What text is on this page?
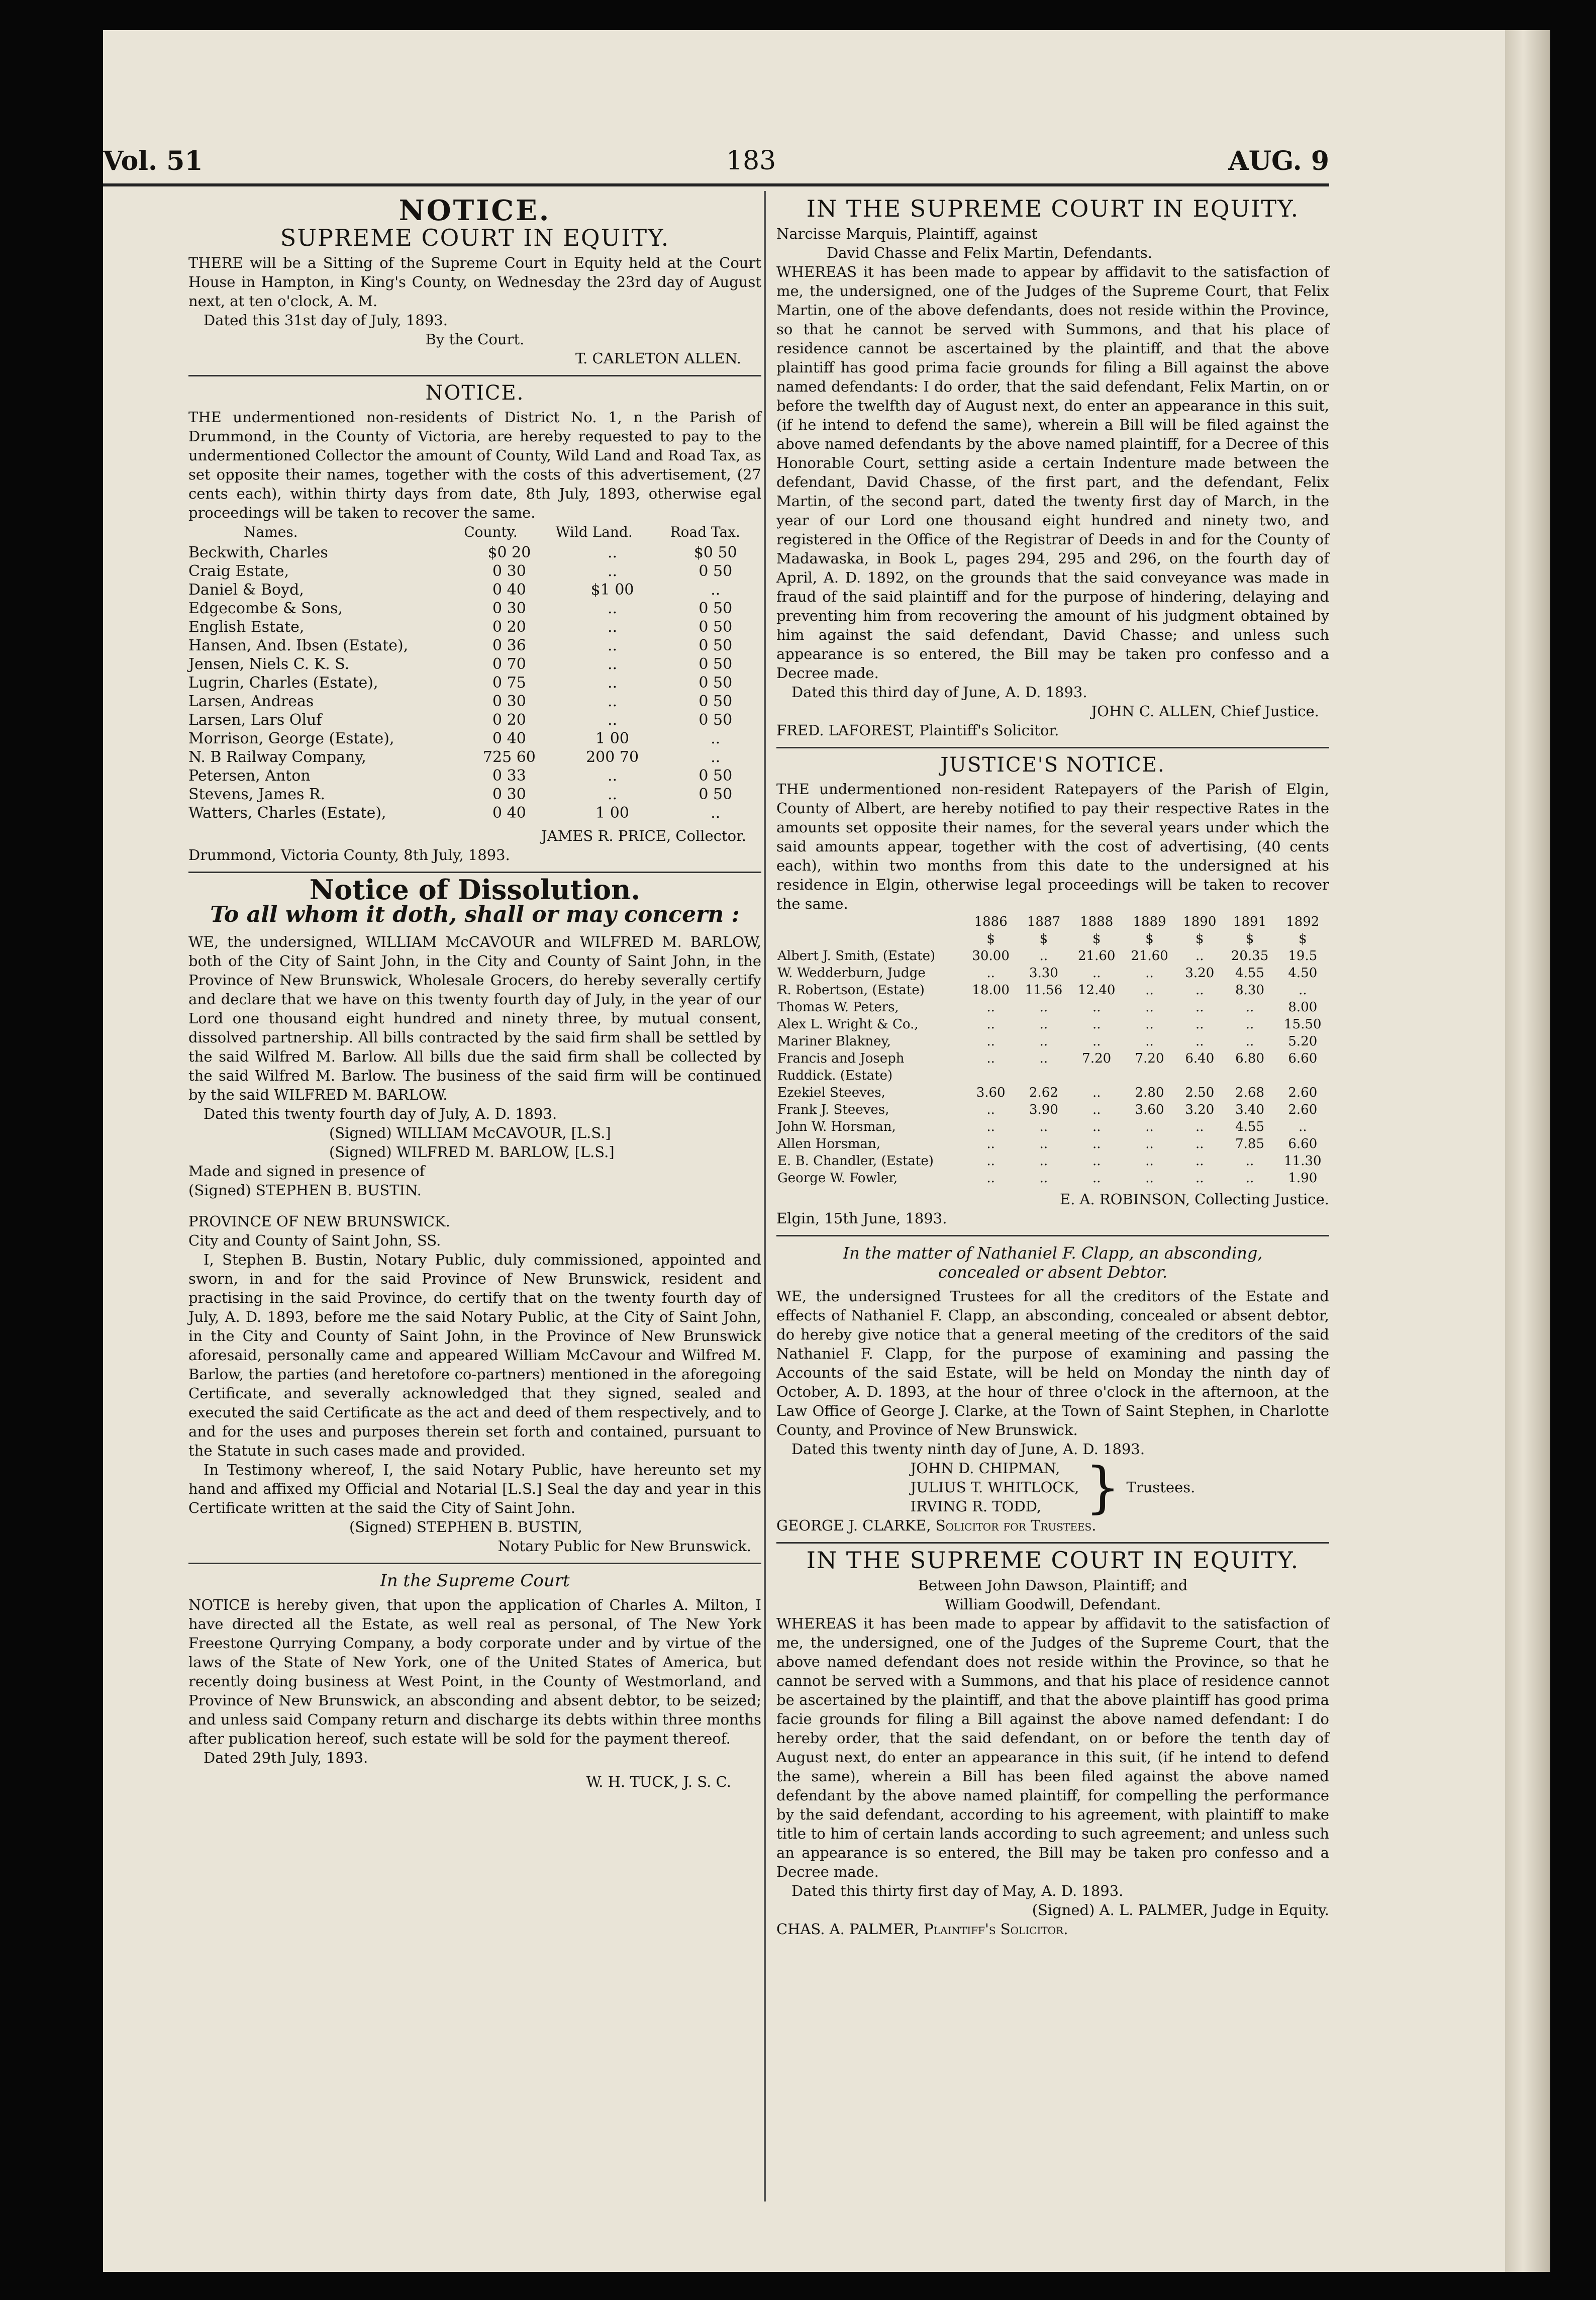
Vol. 51	183	AUG. 9
NOTICE.
SUPREME COURT IN EQUITY.

THERE will be a Sitting of the Supreme Court in Equity held at the Court House in Hampton, in King's County, on Wednesday the 23rd day of August next, at ten o'clock, A. M.

Dated this 31st day of July, 1893.
By the Court.
T. CARLETON ALLEN.
NOTICE.

THE undermentioned non-residents of District No. 1, n the Parish of Drummond, in the County of Victoria, are hereby requested to pay to the undermentioned Collector the amount of County, Wild Land and Road Tax, as set opposite their names, together with the costs of this advertisement, (27 cents each), within thirty days from date, 8th July, 1893, otherwise egal proceedings will be taken to recover the same.

Names.	County.	Wild Land.	Road Tax.
Beckwith, Charles	$0 20	..	$0 50
Craig Estate,	0 30	..	0 50
Daniel & Boyd,	0 40	$1 00	..
Edgecombe & Sons,	0 30	..	0 50
English Estate,	0 20	..	0 50
Hansen, And. Ibsen (Estate),	0 36	..	0 50
Jensen, Niels C. K. S.	0 70	..	0 50
Lugrin, Charles (Estate),	0 75	..	0 50
Larsen, Andreas	0 30	..	0 50
Larsen, Lars Oluf	0 20	..	0 50
Morrison, George (Estate),	0 40	1 00	..
N. B Railway Company,	725 60	200 70	..
Petersen, Anton	0 33	..	0 50
Stevens, James R.	0 30	..	0 50
Watters, Charles (Estate),	0 40	1 00	..
JAMES R. PRICE, Collector.
Drummond, Victoria County, 8th July, 1893.
Notice of Dissolution.
To all whom it doth, shall or may concern :

WE, the undersigned, WILLIAM McCAVOUR and WILFRED M. BARLOW, both of the City of Saint John, in the City and County of Saint John, in the Province of New Brunswick, Wholesale Grocers, do hereby severally certify and declare that we have on this twenty fourth day of July, in the year of our Lord one thousand eight hundred and ninety three, by mutual consent, dissolved partnership. All bills contracted by the said firm shall be settled by the said Wilfred M. Barlow. All bills due the said firm shall be collected by the said Wilfred M. Barlow. The business of the said firm will be continued by the said WILFRED M. BARLOW.

Dated this twenty fourth day of July, A. D. 1893.
(Signed) WILLIAM McCAVOUR, [L.S.]
(Signed) WILFRED M. BARLOW, [L.S.]
Made and signed in presence of
(Signed) STEPHEN B. BUSTIN.
PROVINCE OF NEW BRUNSWICK.
City and County of Saint John, SS.

I, Stephen B. Bustin, Notary Public, duly commissioned, appointed and sworn, in and for the said Province of New Brunswick, resident and practising in the said Province, do certify that on the twenty fourth day of July, A. D. 1893, before me the said Notary Public, at the City of Saint John, in the City and County of Saint John, in the Province of New Brunswick aforesaid, personally came and appeared William McCavour and Wilfred M. Barlow, the parties (and heretofore co-partners) mentioned in the aforegoing Certificate, and severally acknowledged that they signed, sealed and executed the said Certificate as the act and deed of them respectively, and to and for the uses and purposes therein set forth and contained, pursuant to the Statute in such cases made and provided.

In Testimony whereof, I, the said Notary Public, have hereunto set my hand and affixed my Official and Notarial [L.S.] Seal the day and year in this Certificate written at the said the City of Saint John.

(Signed) STEPHEN B. BUSTIN,
Notary Public for New Brunswick.
In the Supreme Court

NOTICE is hereby given, that upon the application of Charles A. Milton, I have directed all the Estate, as well real as personal, of The New York Freestone Qurrying Company, a body corporate under and by virtue of the laws of the State of New York, one of the United States of America, but recently doing business at West Point, in the County of Westmorland, and Province of New Brunswick, an absconding and absent debtor, to be seized; and unless said Company return and discharge its debts within three months after publication hereof, such estate will be sold for the payment thereof.

Dated 29th July, 1893.
W. H. TUCK, J. S. C.
IN THE SUPREME COURT IN EQUITY.
Narcisse Marquis, Plaintiff, against
David Chasse and Felix Martin, Defendants.

WHEREAS it has been made to appear by affidavit to the satisfaction of me, the undersigned, one of the Judges of the Supreme Court, that Felix Martin, one of the above defendants, does not reside within the Province, so that he cannot be served with Summons, and that his place of residence cannot be ascertained by the plaintiff, and that the above plaintiff has good prima facie grounds for filing a Bill against the above named defendants: I do order, that the said defendant, Felix Martin, on or before the twelfth day of August next, do enter an appearance in this suit, (if he intend to defend the same), wherein a Bill will be filed against the above named defendants by the above named plaintiff, for a Decree of this Honorable Court, setting aside a certain Indenture made between the defendant, David Chasse, of the first part, and the defendant, Felix Martin, of the second part, dated the twenty first day of March, in the year of our Lord one thousand eight hundred and ninety two, and registered in the Office of the Registrar of Deeds in and for the County of Madawaska, in Book L, pages 294, 295 and 296, on the fourth day of April, A. D. 1892, on the grounds that the said conveyance was made in fraud of the said plaintiff and for the purpose of hindering, delaying and preventing him from recovering the amount of his judgment obtained by him against the said defendant, David Chasse; and unless such appearance is so entered, the Bill may be taken pro confesso and a Decree made.

Dated this third day of June, A. D. 1893.
JOHN C. ALLEN, Chief Justice.
FRED. LAFOREST, Plaintiff's Solicitor.
JUSTICE'S NOTICE.

THE undermentioned non-resident Ratepayers of the Parish of Elgin, County of Albert, are hereby notified to pay their respective Rates in the amounts set opposite their names, for the several years under which the said amounts appear, together with the cost of advertising, (40 cents each), within two months from this date to the undersigned at his residence in Elgin, otherwise legal proceedings will be taken to recover the same.

	1886	1887	1888	1889	1890	1891	1892
	$	$	$	$	$	$	$
Albert J. Smith, (Estate)	30.00	..	21.60	21.60	..	20.35	19.5
W. Wedderburn, Judge	..	3.30	..	..	3.20	4.55	4.50
R. Robertson, (Estate)	18.00	11.56	12.40	..	..	8.30	..
Thomas W. Peters,	..	..	..	..	..	..	8.00
Alex L. Wright & Co.,	..	..	..	..	..	..	15.50
Mariner Blakney,	..	..	..	..	..	..	5.20
Francis and Joseph Ruddick. (Estate)	..	..	7.20	7.20	6.40	6.80	6.60
Ezekiel Steeves,	3.60	2.62	..	2.80	2.50	2.68	2.60
Frank J. Steeves,	..	3.90	..	3.60	3.20	3.40	2.60
John W. Horsman,	..	..	..	..	..	4.55	..
Allen Horsman,	..	..	..	..	..	7.85	6.60
E. B. Chandler, (Estate)	..	..	..	..	..	..	11.30
George W. Fowler,	..	..	..	..	..	..	1.90
E. A. ROBINSON, Collecting Justice.
Elgin, 15th June, 1893.
In the matter of Nathaniel F. Clapp, an absconding,
concealed or absent Debtor.

WE, the undersigned Trustees for all the creditors of the Estate and effects of Nathaniel F. Clapp, an absconding, concealed or absent debtor, do hereby give notice that a general meeting of the creditors of the said Nathaniel F. Clapp, for the purpose of examining and passing the Accounts of the said Estate, will be held on Monday the ninth day of October, A. D. 1893, at the hour of three o'clock in the afternoon, at the Law Office of George J. Clarke, at the Town of Saint Stephen, in Charlotte County, and Province of New Brunswick.

Dated this twenty ninth day of June, A. D. 1893.
JOHN D. CHIPMAN,
JULIUS T. WHITLOCK,
IRVING R. TODD, } Trustees.
GEORGE J. CLARKE, Solicitor for Trustees.
IN THE SUPREME COURT IN EQUITY.
Between John Dawson, Plaintiff; and
William Goodwill, Defendant.

WHEREAS it has been made to appear by affidavit to the satisfaction of me, the undersigned, one of the Judges of the Supreme Court, that the above named defendant does not reside within the Province, so that he cannot be served with a Summons, and that his place of residence cannot be ascertained by the plaintiff, and that the above plaintiff has good prima facie grounds for filing a Bill against the above named defendant: I do hereby order, that the said defendant, on or before the tenth day of August next, do enter an appearance in this suit, (if he intend to defend the same), wherein a Bill has been filed against the above named defendant by the above named plaintiff, for compelling the performance by the said defendant, according to his agreement, with plaintiff to make title to him of certain lands according to such agreement; and unless such an appearance is so entered, the Bill may be taken pro confesso and a Decree made.

Dated this thirty first day of May, A. D. 1893.
(Signed) A. L. PALMER, Judge in Equity.
CHAS. A. PALMER, Plaintiff's Solicitor.
